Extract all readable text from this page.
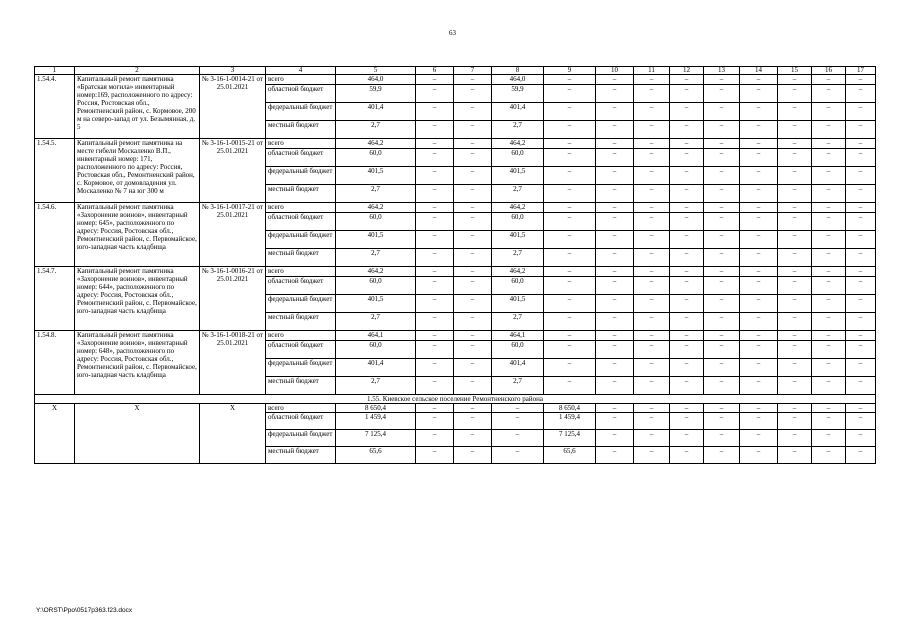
63
1	2	3	4	5	6	7	8	9	10	11	12	13	14	15	16	17
1.54.4.	Капитальный ремонт памятника «Братская могила» инвентарный номер:169, расположенного по адресу: Россия, Ростовская обл., Ремонтненский район, с. Кормовое, 200 м на северо-запад от ул. Безымянная, д. 5	№ 3-16-1-0014-21 от 25.01.2021	всего	464,0	–	–	464,0	–	–	–	–	–	–	–	–	–
			областной бюджет	59,9	–	–	59,9	–	–	–	–	–	–	–	–	–
			федеральный бюджет	401,4	–	–	401,4	–	–	–	–	–	–	–	–	–
			местный бюджет	2,7	–	–	2,7	–	–	–	–	–	–	–	–	–
1.54.5.	Капитальный ремонт памятника на месте гибели Москаленко В.П., инвентарный номер: 171, расположенного по адресу: Россия, Ростовская обл., Ремонтненский район, с. Кормовое, от домовладения ул. Москаленко № 7 на юг 300 м	№ 3-16-1-0015-21 от 25.01.2021	всего	464,2	–	–	464,2	–	–	–	–	–	–	–	–	–
			областной бюджет	60,0	–	–	60,0	–	–	–	–	–	–	–	–	–
			федеральный бюджет	401,5	–	–	401,5	–	–	–	–	–	–	–	–	–
			местный бюджет	2,7	–	–	2,7	–	–	–	–	–	–	–	–	–
1.54.6.	Капитальный ремонт памятника «Захоронение воинов», инвентарный номер: 645», расположенного по адресу: Россия, Ростовская обл., Ремонтненский район, с. Первомайское, юго-западная часть кладбища	№ 3-16-1-0017-21 от 25.01.2021	всего	464,2	–	–	464,2	–	–	–	–	–	–	–	–	–
			областной бюджет	60,0	–	–	60,0	–	–	–	–	–	–	–	–	–
			федеральный бюджет	401,5	–	–	401,5	–	–	–	–	–	–	–	–	–
			местный бюджет	2,7	–	–	2,7	–	–	–	–	–	–	–	–	–
1.54.7.	Капитальный ремонт памятника «Захоронение воинов», инвентарный номер: 644», расположенного по адресу: Россия, Ростовская обл., Ремонтненский район, с. Первомайское, юго-западная часть кладбища	№ 3-16-1-0016-21 от 25.01.2021	всего	464,2	–	–	464,2	–	–	–	–	–	–	–	–	–
			областной бюджет	60,0	–	–	60,0	–	–	–	–	–	–	–	–	–
			федеральный бюджет	401,5	–	–	401,5	–	–	–	–	–	–	–	–	–
			местный бюджет	2,7	–	–	2,7	–	–	–	–	–	–	–	–	–
1.54.8.	Капитальный ремонт памятника «Захоронение воинов», инвентарный номер: 648», расположенного по адресу: Россия, Ростовская обл., Ремонтненский район, с. Первомайское, юго-западная часть кладбища	№ 3-16-1-0018-21 от 25.01.2021	всего	464,1	–	–	464,1	–	–	–	–	–	–	–	–	–
			областной бюджет	60,0	–	–	60,0	–	–	–	–	–	–	–	–	–
			федеральный бюджет	401,4	–	–	401,4	–	–	–	–	–	–	–	–	–
			местный бюджет	2,7	–	–	2,7	–	–	–	–	–	–	–	–	–
1.55. Киевское сельское поселение Ремонтненского района																
Х	Х	Х	всего	8 650,4	–	–	–	8 650,4	–	–	–	–	–	–	–	–
			областной бюджет	1 459,4	–	–	–	1 459,4	–	–	–	–	–	–	–	–
			федеральный бюджет	7 125,4	–	–	–	7 125,4	–	–	–	–	–	–	–	–
			местный бюджет	65,6	–	–	–	65,6	–	–	–	–	–	–	–	–
Y:\ORST\Ppo\0517p363.f23.docx
